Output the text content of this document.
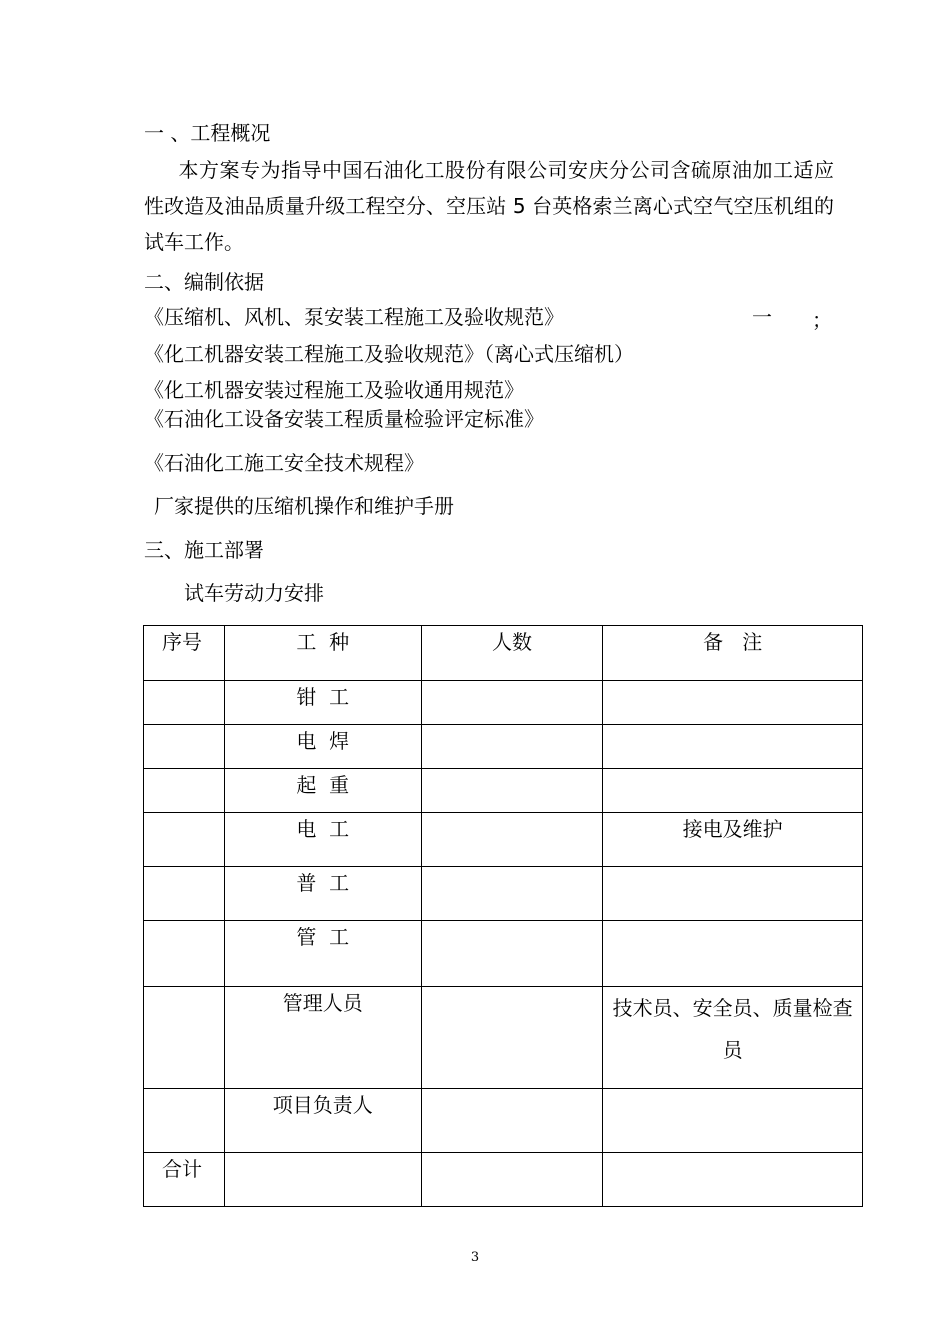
一 、工程概况
本方案专为指导中国石油化工股份有限公司安庆分公司含硫原油加工适应性改造及油品质量升级工程空分、空压站 5 台英格索兰离心式空气空压机组的试车工作。
二、编制依据
《压缩机、风机、泵安装工程施工及验收规范》	一 ；
《化工机器安装工程施工及验收规范》（离心式压缩机）
《化工机器安装过程施工及验收通用规范》
《石油化工设备安装工程质量检验评定标准》
《石油化工施工安全技术规程》
厂家提供的压缩机操作和维护手册
三、施工部署
试车劳动力安排
序号	工  种	人数	备   注

	钳  工		

	电  焊		

	起  重		

	电  工		接电及维护

	普  工		

	管  工		

	管理人员		技术员、安全员、质量检查员

	项目负责人		

合计			

3
